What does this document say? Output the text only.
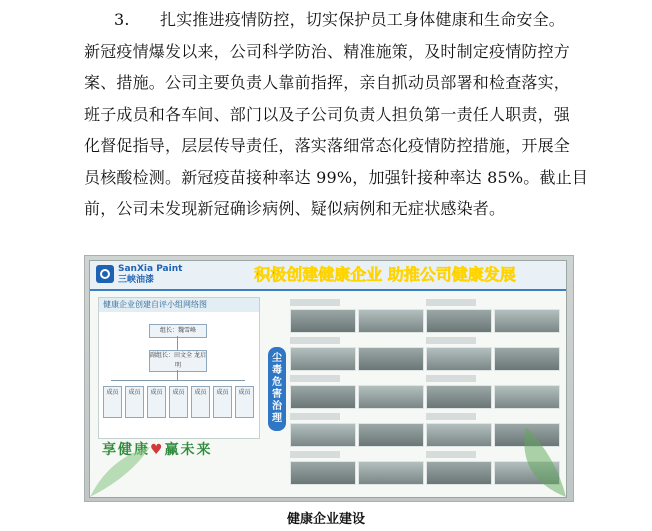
3. 扎实推进疫情防控，切实保护员工身体健康和生命安全。
新冠疫情爆发以来，公司科学防治、精准施策，及时制定疫情防控方
案、措施。公司主要负责人靠前指挥，亲自抓动员部署和检查落实，
班子成员和各车间、部门以及子公司负责人担负第一责任人职责，强
化督促指导，层层传导责任，落实落细常态化疫情防控措施，开展全
员核酸检测。新冠疫苗接种率达 99%，加强针接种率达 85%。截止目
前，公司未发现新冠确诊病例、疑似病例和无症状感染者。
SanXia Paint
三峡油漆	积极创建健康企业 助推公司健康发展
健康企业创建自评小组网络图
组长：魏雪峰
副组长：田文全 龙启明
成员	成员	成员	成员	成员	成员	成员
享健康♥赢未来
尘毒危害治理
健康企业建设
